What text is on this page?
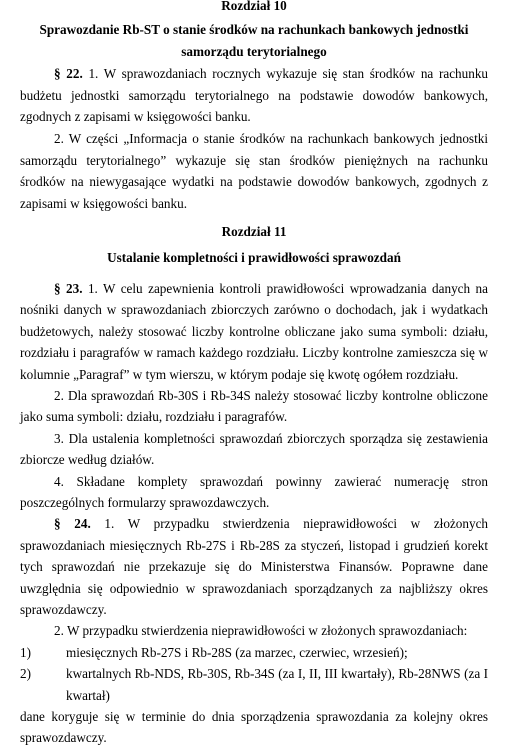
Rozdział 10

Sprawozdanie Rb-ST o stanie środków na rachunkach bankowych jednostki samorządu terytorialnego

§ 22. 1. W sprawozdaniach rocznych wykazuje się stan środków na rachunku budżetu jednostki samorządu terytorialnego na podstawie dowodów bankowych, zgodnych z zapisami w księgowości banku.

2. W części „Informacja o stanie środków na rachunkach bankowych jednostki samorządu terytorialnego” wykazuje się stan środków pieniężnych na rachunku środków na niewygasające wydatki na podstawie dowodów bankowych, zgodnych z zapisami w księgowości banku.

Rozdział 11

Ustalanie kompletności i prawidłowości sprawozdań

§ 23. 1. W celu zapewnienia kontroli prawidłowości wprowadzania danych na nośniki danych w sprawozdaniach zbiorczych zarówno o dochodach, jak i wydatkach budżetowych, należy stosować liczby kontrolne obliczane jako suma symboli: działu, rozdziału i paragrafów w ramach każdego rozdziału. Liczby kontrolne zamieszcza się w kolumnie „Paragraf” w tym wierszu, w którym podaje się kwotę ogółem rozdziału.

2. Dla sprawozdań Rb-30S i Rb-34S należy stosować liczby kontrolne obliczone jako suma symboli: działu, rozdziału i paragrafów.

3. Dla ustalenia kompletności sprawozdań zbiorczych sporządza się zestawienia zbiorcze według działów.

4. Składane komplety sprawozdań powinny zawierać numerację stron poszczególnych formularzy sprawozdawczych.

§ 24. 1. W przypadku stwierdzenia nieprawidłowości w złożonych sprawozdaniach miesięcznych Rb-27S i Rb-28S za styczeń, listopad i grudzień korekt tych sprawozdań nie przekazuje się do Ministerstwa Finansów. Poprawne dane uwzględnia się odpowiednio w sprawozdaniach sporządzanych za najbliższy okres sprawozdawczy.

2. W przypadku stwierdzenia nieprawidłowości w złożonych sprawozdaniach:

1)	miesięcznych Rb-27S i Rb-28S (za marzec, czerwiec, wrzesień);
2)	kwartalnych Rb-NDS, Rb-30S, Rb-34S (za I, II, III kwartały), Rb-28NWS (za I kwartał)

dane koryguje się w terminie do dnia sporządzenia sprawozdania za kolejny okres sprawozdawczy.
